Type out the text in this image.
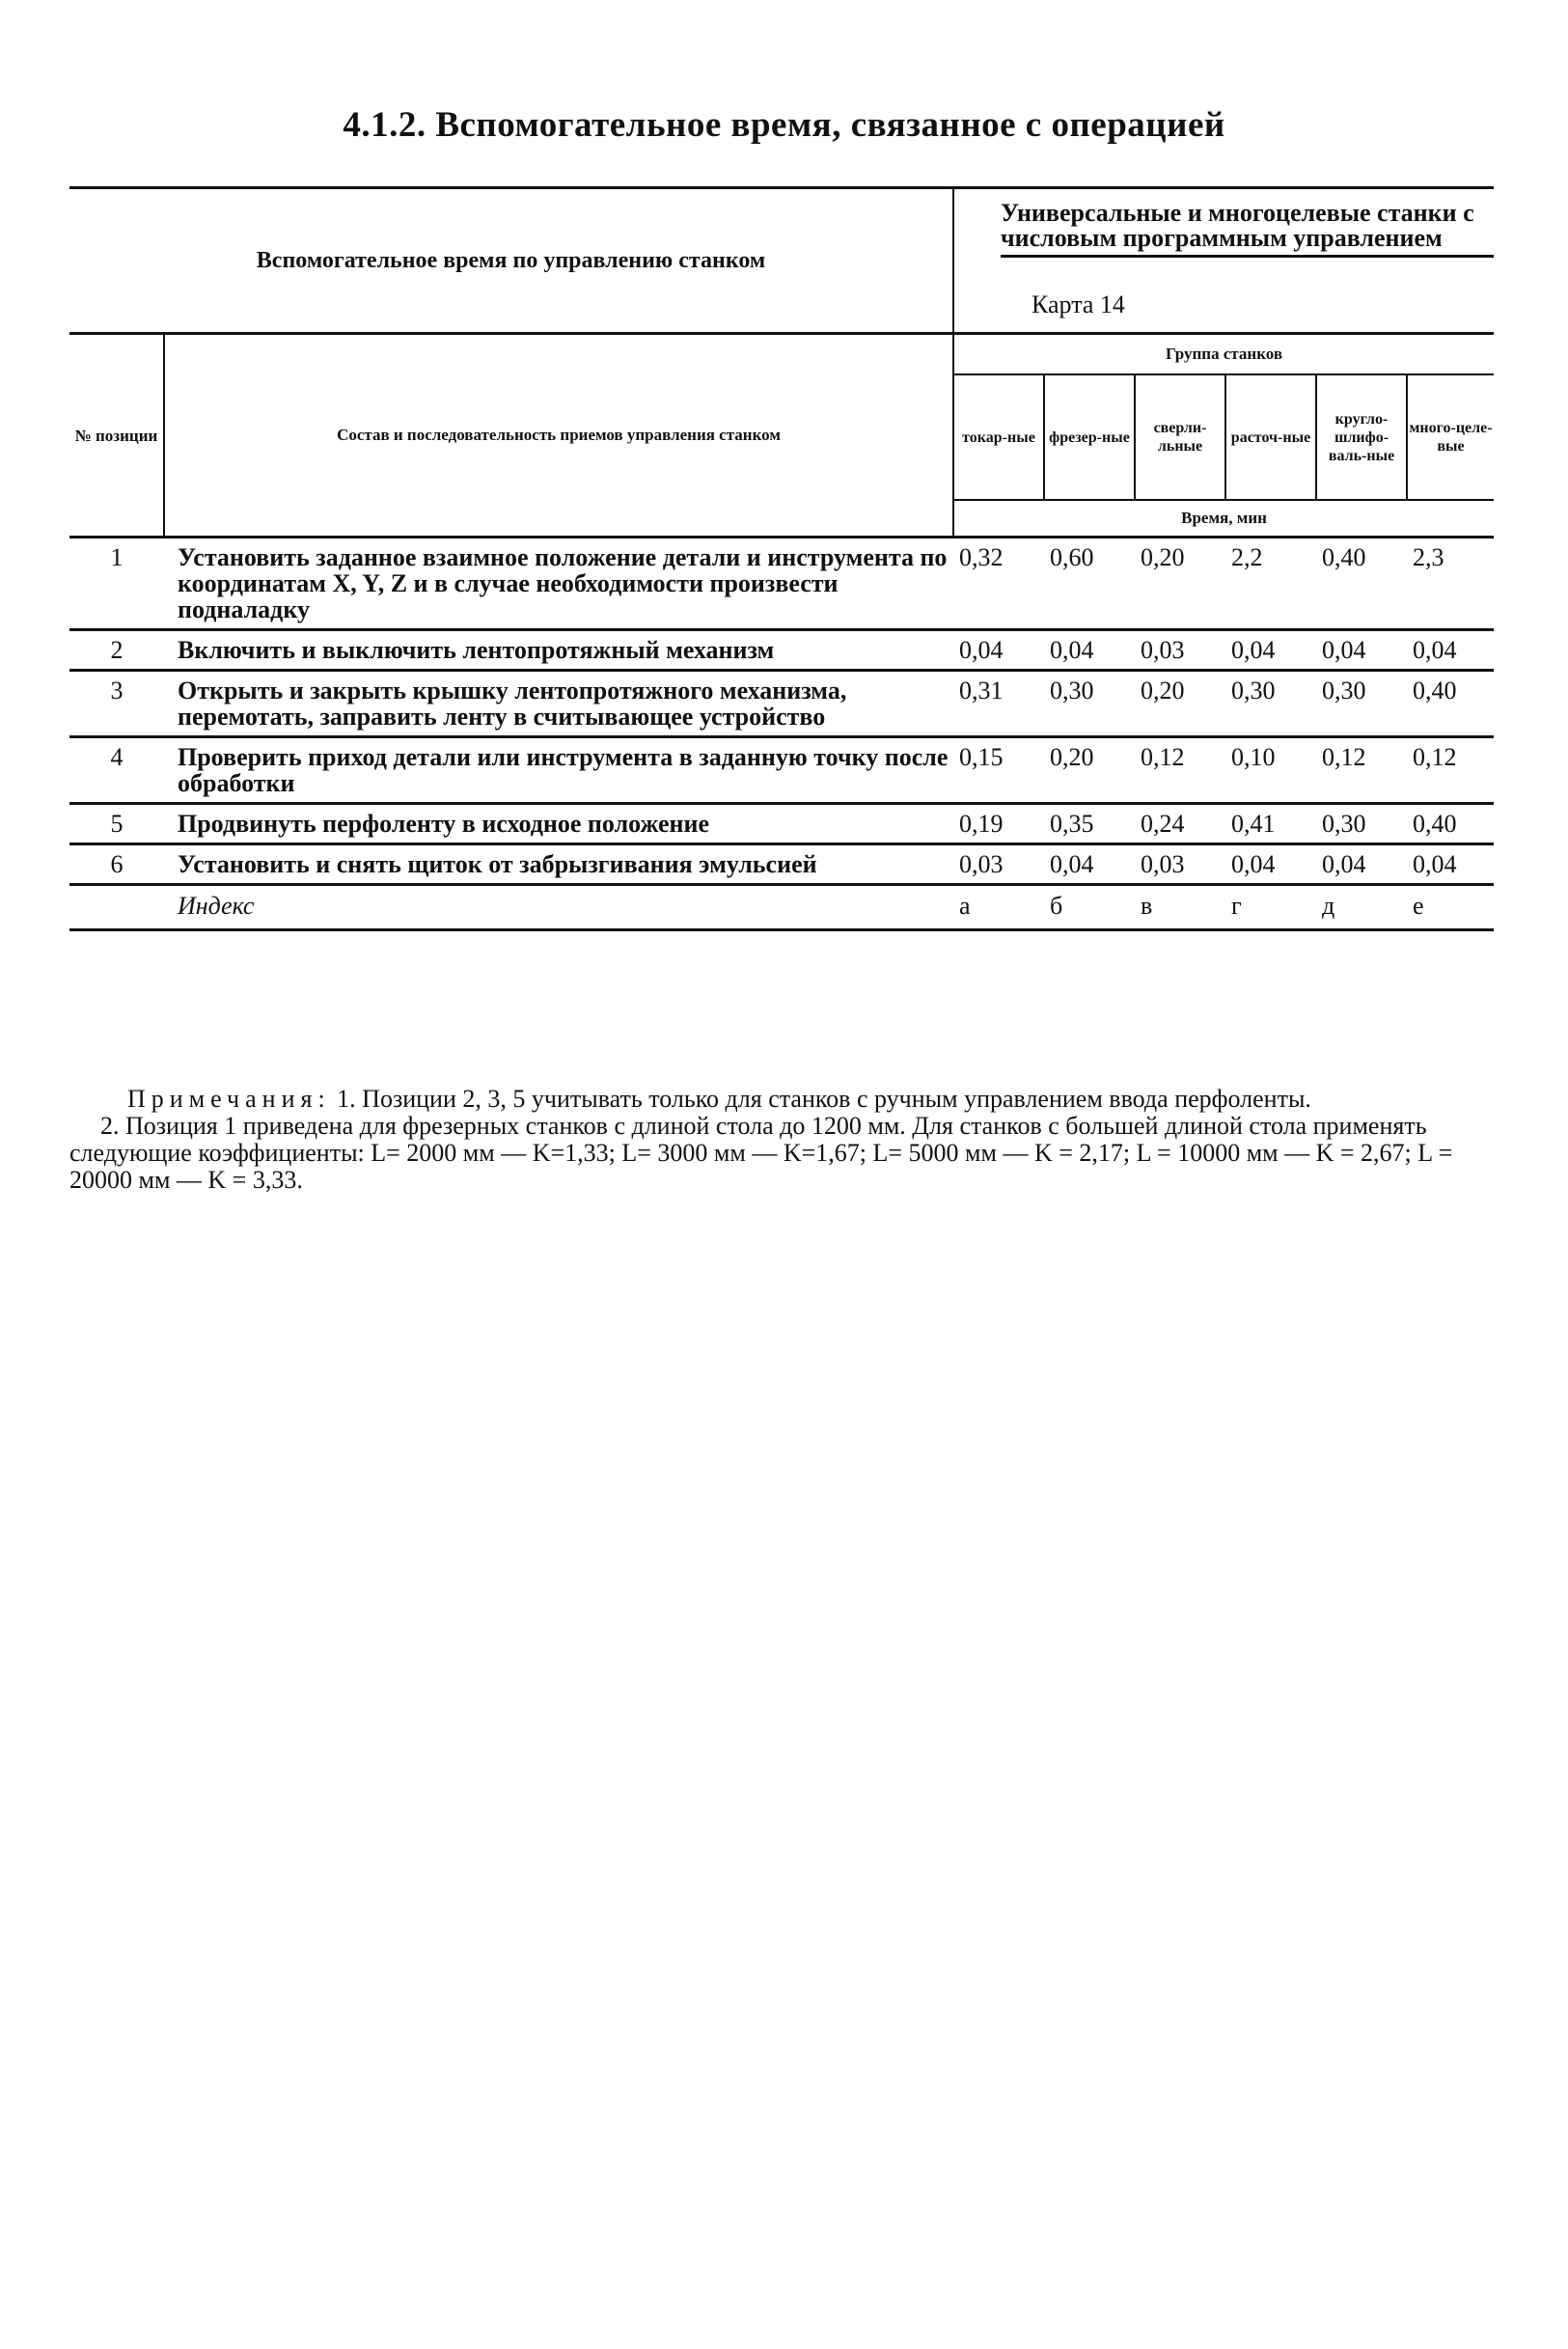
4.1.2. Вспомогательное время, связанное с операцией
Вспомогательное время по управлению станком		Универсальные и многоцелевые станки с числовым программным управлением					

		Карта 14					
№ позиции	Состав и последовательность приемов управления станком	Группа станков					
		токар-ные	фрезер-ные	сверли-льные	расточ-ные	кругло-шлифо-валь-ные	много-целе-вые
		Время, мин					
1	Установить заданное взаимное положение детали и инструмента по координатам X, Y, Z и в случае необходимости произвести подналадку	0,32	0,60	0,20	2,2	0,40	2,3
2	Включить и выключить лентопротяжный механизм	0,04	0,04	0,03	0,04	0,04	0,04
3	Открыть и закрыть крышку лентопротяжного механизма, перемотать, заправить ленту в считывающее устройство	0,31	0,30	0,20	0,30	0,30	0,40
4	Проверить приход детали или инструмента в заданную точку после обработки	0,15	0,20	0,12	0,10	0,12	0,12
5	Продвинуть перфоленту в исходное положение	0,19	0,35	0,24	0,41	0,30	0,40
6	Установить и снять щиток от забрызгивания эмульсией	0,03	0,04	0,03	0,04	0,04	0,04
	Индекс	а	б	в	г	д	е

Примечания: 1. Позиции 2, 3, 5 учитывать только для станков с ручным управлением ввода перфоленты.

2. Позиция 1 приведена для фрезерных станков с длиной стола до 1200 мм. Для станков с большей длиной стола применять следующие коэффициенты: L= 2000 мм — K=1,33; L= 3000 мм — K=1,67; L= 5000 мм — K = 2,17; L = 10000 мм — K = 2,67; L = 20000 мм — K = 3,33.
